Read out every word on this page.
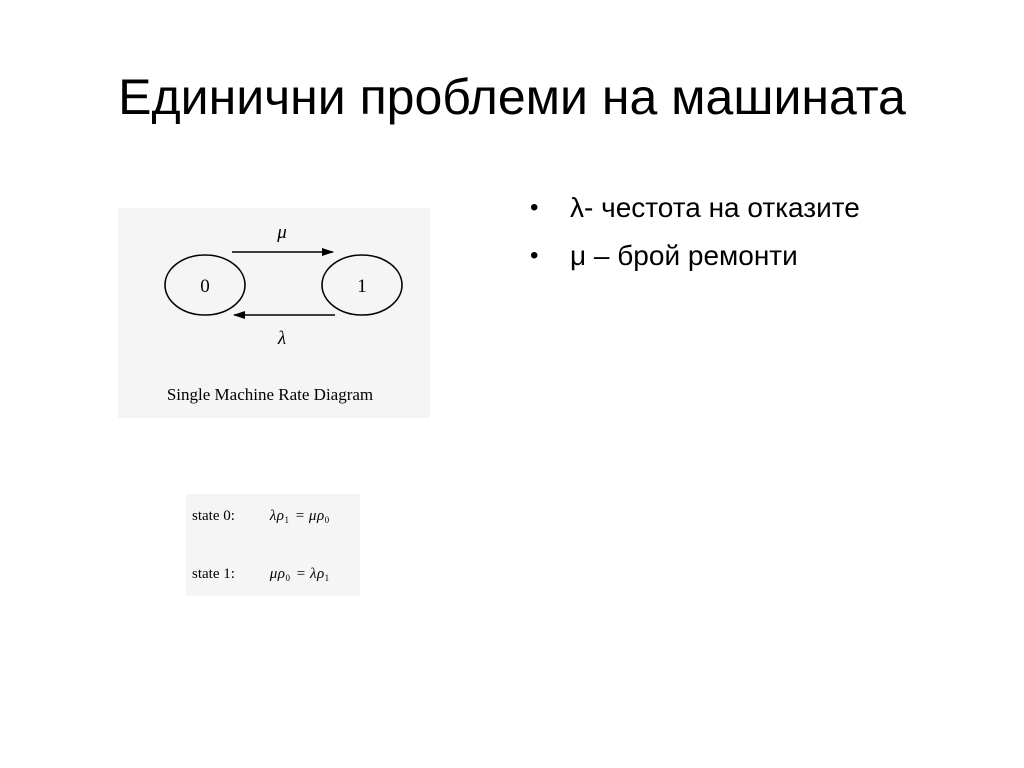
Единични проблеми на машината
• λ- честота на отказите
• μ – брой ремонти
0	1
μ
λ
Single Machine Rate Diagram
state 0: $\lambda\rho_1 = \mu\rho_0$
state 1: $\mu\rho_0 = \lambda\rho_1$
